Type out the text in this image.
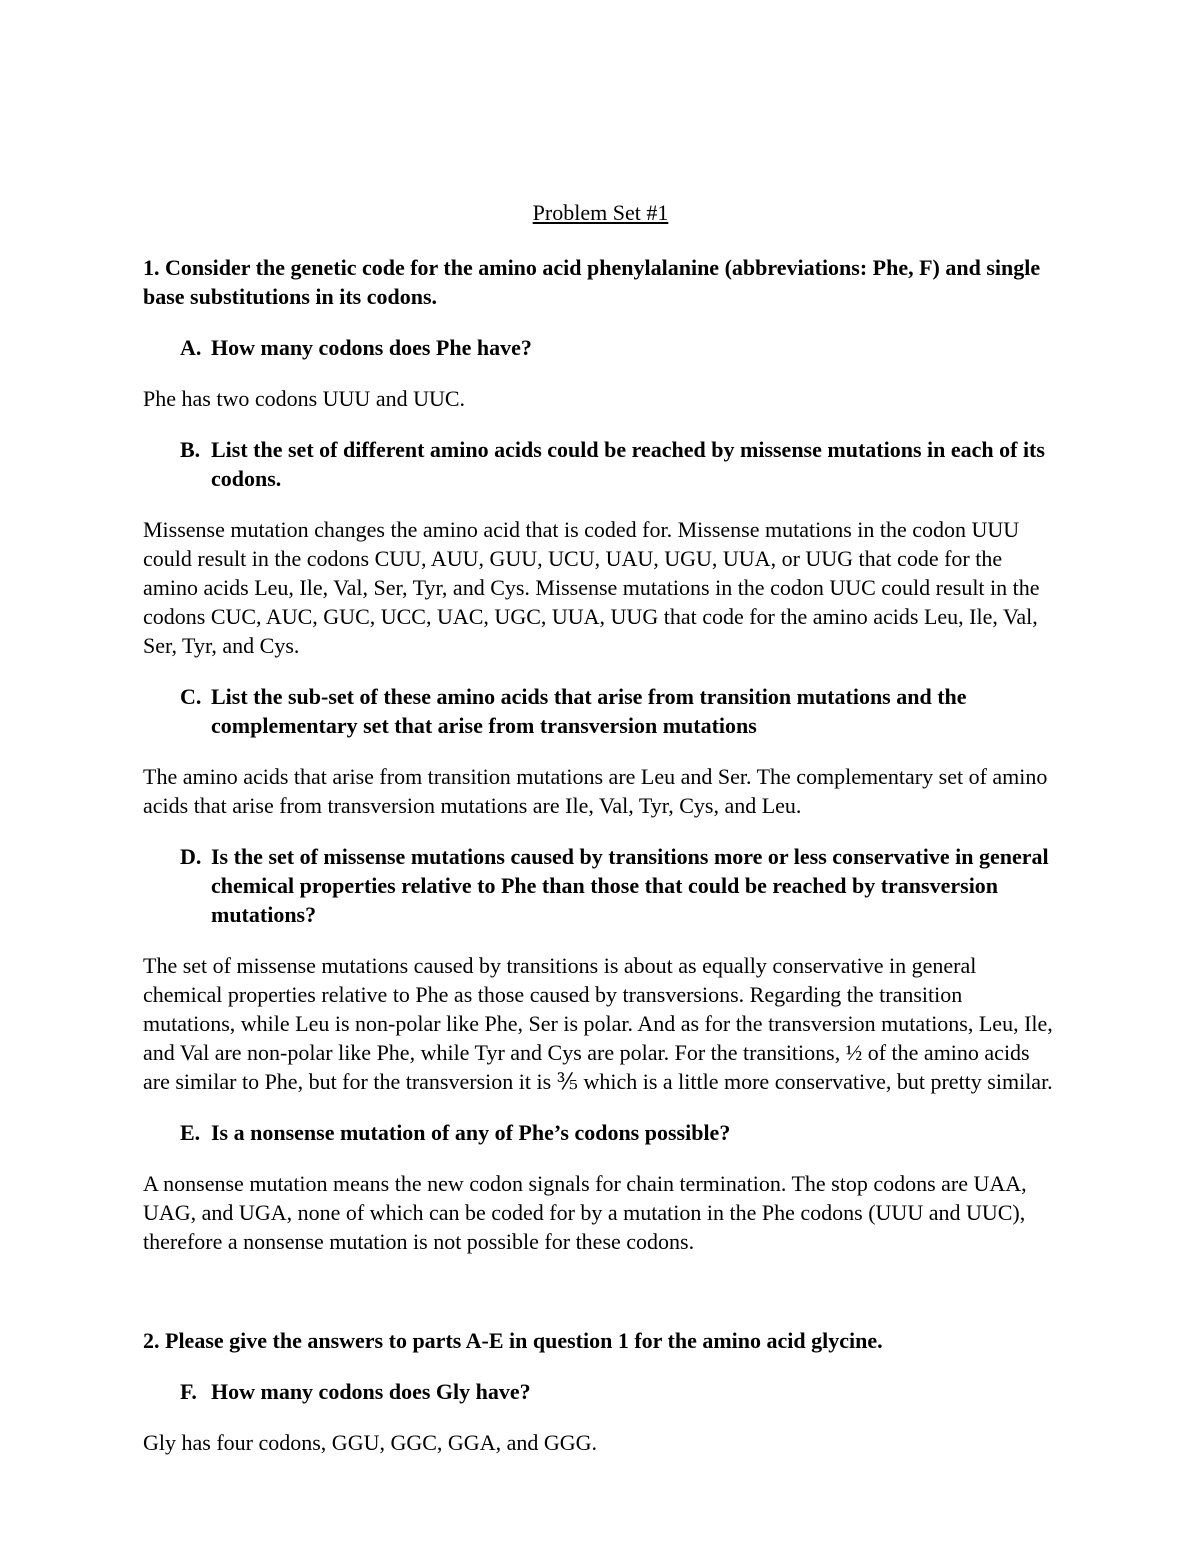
Problem Set #1

1. Consider the genetic code for the amino acid phenylalanine (abbreviations: Phe, F) and single base substitutions in its codons.

A. How many codons does Phe have?

Phe has two codons UUU and UUC.

B. List the set of different amino acids could be reached by missense mutations in each of its codons.

Missense mutation changes the amino acid that is coded for. Missense mutations in the codon UUU could result in the codons CUU, AUU, GUU, UCU, UAU, UGU, UUA, or UUG that code for the amino acids Leu, Ile, Val, Ser, Tyr, and Cys. Missense mutations in the codon UUC could result in the codons CUC, AUC, GUC, UCC, UAC, UGC, UUA, UUG that code for the amino acids Leu, Ile, Val, Ser, Tyr, and Cys.

C. List the sub-set of these amino acids that arise from transition mutations and the complementary set that arise from transversion mutations

The amino acids that arise from transition mutations are Leu and Ser. The complementary set of amino acids that arise from transversion mutations are Ile, Val, Tyr, Cys, and Leu.

D. Is the set of missense mutations caused by transitions more or less conservative in general chemical properties relative to Phe than those that could be reached by transversion mutations?

The set of missense mutations caused by transitions is about as equally conservative in general chemical properties relative to Phe as those caused by transversions. Regarding the transition mutations, while Leu is non-polar like Phe, Ser is polar. And as for the transversion mutations, Leu, Ile, and Val are non-polar like Phe, while Tyr and Cys are polar. For the transitions, ½ of the amino acids are similar to Phe, but for the transversion it is ⅗ which is a little more conservative, but pretty similar.

E. Is a nonsense mutation of any of Phe’s codons possible?

A nonsense mutation means the new codon signals for chain termination. The stop codons are UAA, UAG, and UGA, none of which can be coded for by a mutation in the Phe codons (UUU and UUC), therefore a nonsense mutation is not possible for these codons.

2. Please give the answers to parts A-E in question 1 for the amino acid glycine.

F. How many codons does Gly have?

Gly has four codons, GGU, GGC, GGA, and GGG.
